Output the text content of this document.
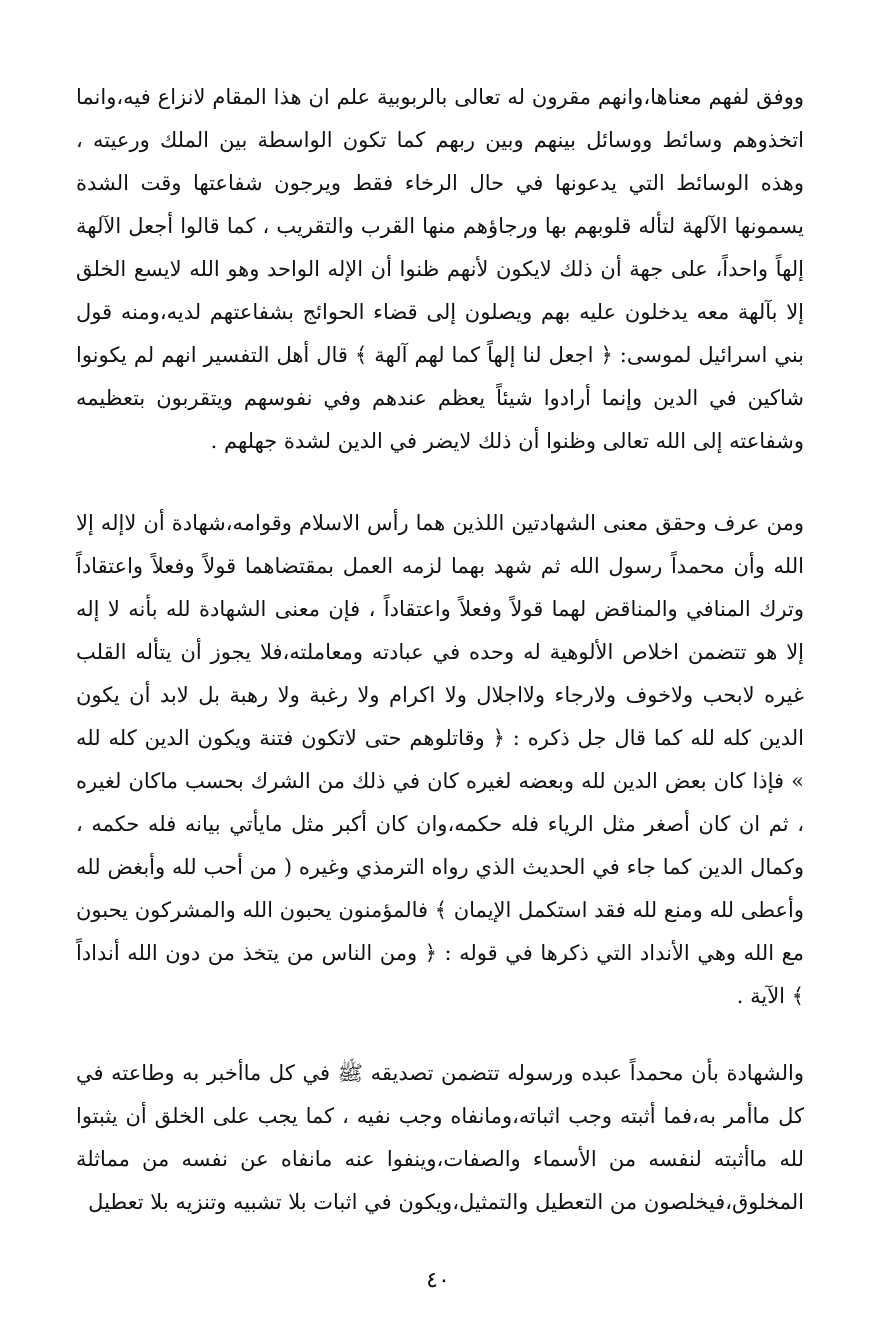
ووفق لفهم معناها،وانهم مقرون له تعالى بالربوبية علم ان هذا المقام لانزاع فيه،وانما اتخذوهم وسائط ووسائل بينهم وبين ربهم كما تكون الواسطة بين الملك ورعيته ، وهذه الوسائط التي يدعونها في حال الرخاء فقط ويرجون شفاعتها وقت الشدة يسمونها الآلهة لتأله قلوبهم بها ورجاؤهم منها القرب والتقريب ، كما قالوا أجعل الآلهة إلهاً واحداً، على جهة أن ذلك لايكون لأنهم ظنوا أن الإله الواحد وهو الله لايسع الخلق إلا بآلهة معه يدخلون عليه بهم ويصلون إلى قضاء الحوائج بشفاعتهم لديه،ومنه قول بني اسرائيل لموسى: ﴿ اجعل لنا إلهاً كما لهم آلهة ﴾ قال أهل التفسير انهم لم يكونوا شاكين في الدين وإنما أرادوا شيئاً يعظم عندهم وفي نفوسهم ويتقربون بتعظيمه وشفاعته إلى الله تعالى وظنوا أن ذلك لايضر في الدين لشدة جهلهم .

ومن عرف وحقق معنى الشهادتين اللذين هما رأس الاسلام وقوامه،شهادة أن لاإله إلا الله وأن محمداً رسول الله ثم شهد بهما لزمه العمل بمقتضاهما قولاً وفعلاً واعتقاداً وترك المنافي والمناقض لهما قولاً وفعلاً واعتقاداً ، فإن معنى الشهادة لله بأنه لا إله إلا هو تتضمن اخلاص الألوهية له وحده في عبادته ومعاملته،فلا يجوز أن يتأله القلب غيره لابحب ولاخوف ولارجاء ولااجلال ولا اكرام ولا رغبة ولا رهبة بل لابد أن يكون الدين كله لله كما قال جل ذكره : ﴿ وقاتلوهم حتى لاتكون فتنة ويكون الدين كله لله » فإذا كان بعض الدين لله وبعضه لغيره كان في ذلك من الشرك بحسب ماكان لغيره ، ثم ان كان أصغر مثل الرياء فله حكمه،وان كان أكبر مثل مايأتي بيانه فله حكمه ، وكمال الدين كما جاء في الحديث الذي رواه الترمذي وغيره ( من أحب لله وأبغض لله وأعطى لله ومنع لله فقد استكمل الإيمان ﴾ فالمؤمنون يحبون الله والمشركون يحبون مع الله وهي الأنداد التي ذكرها في قوله : ﴿ ومن الناس من يتخذ من دون الله أنداداً ﴾ الآية .

والشهادة بأن محمداً عبده ورسوله تتضمن تصديقه ﷺ في كل ماأخبر به وطاعته في كل ماأمر به،فما أثبته وجب اثباته،ومانفاه وجب نفيه ، كما يجب على الخلق أن يثبتوا لله ماأثبته لنفسه من الأسماء والصفات،وينفوا عنه مانفاه عن نفسه من مماثلة المخلوق،فيخلصون من التعطيل والتمثيل،ويكون في اثبات بلا تشبيه وتنزيه بلا تعطيل

٤٠
